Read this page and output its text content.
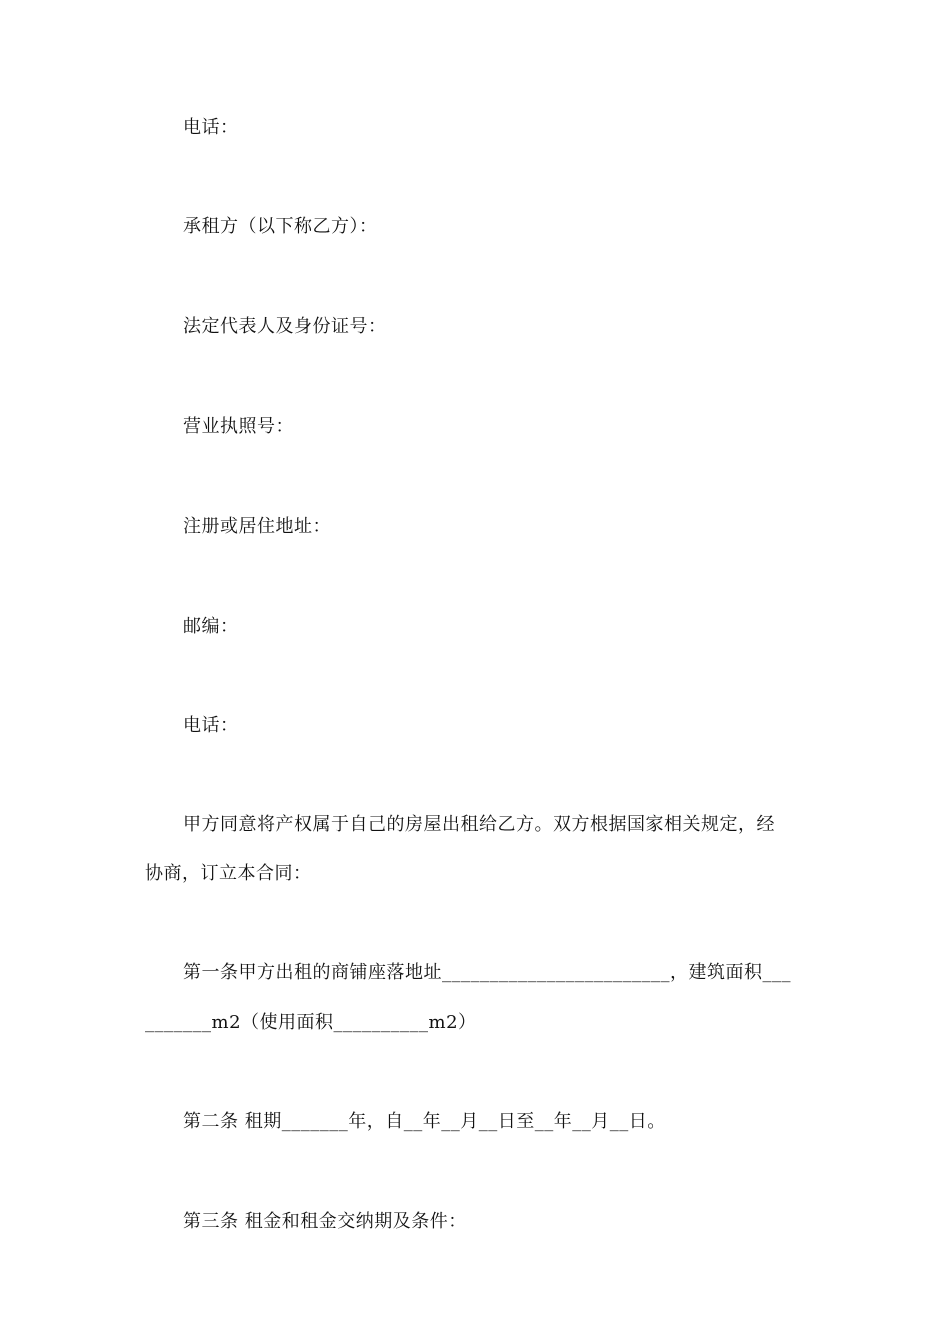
电话：
承租方（以下称乙方）：
法定代表人及身份证号：
营业执照号：
注册或居住地址：
邮编：
电话：
甲方同意将产权属于自己的房屋出租给乙方。双方根据国家相关规定，经
协商，订立本合同：
第一条甲方出租的商铺座落地址________________________，建筑面积___
_______m2（使用面积__________m2）
第二条 租期_______年，自__年__月__日至__年__月__日。
第三条 租金和租金交纳期及条件：
